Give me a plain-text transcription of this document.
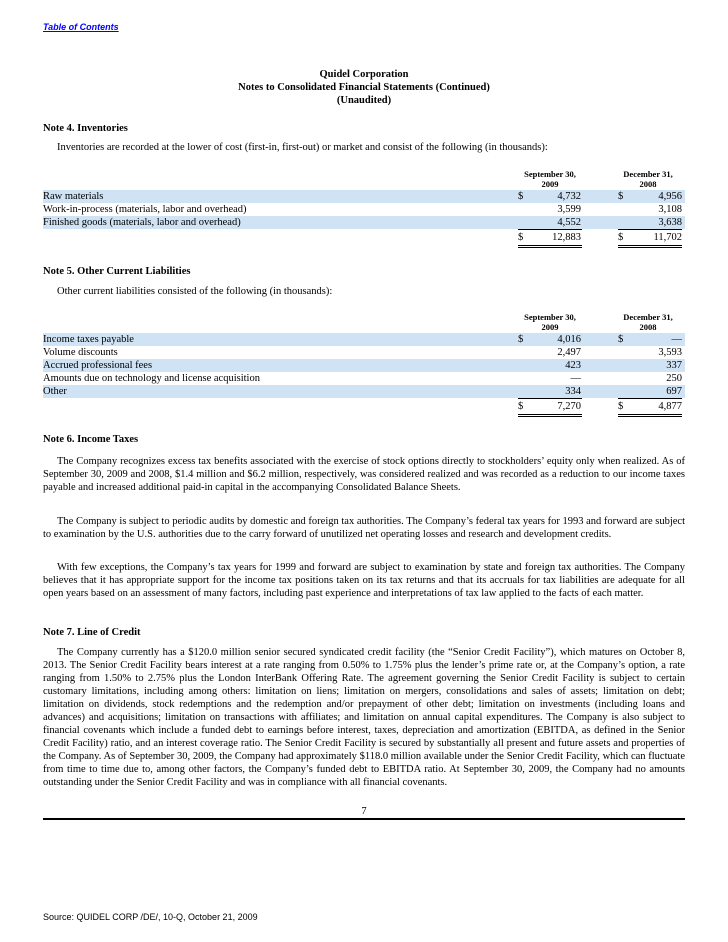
Table of Contents
Quidel Corporation
Notes to Consolidated Financial Statements (Continued)
(Unaudited)
Note 4. Inventories
Inventories are recorded at the lower of cost (first-in, first-out) or market and consist of the following (in thousands):
September 30,
2009
December 31,
2008
Raw materials	$	4,732	$	4,956
Work-in-process (materials, labor and overhead)	3,599	3,108
Finished goods (materials, labor and overhead)	4,552	3,638
$	12,883	$	11,702
Note 5. Other Current Liabilities
Other current liabilities consisted of the following (in thousands):
September 30,
2009
December 31,
2008
Income taxes payable	$	4,016	$	—
Volume discounts	2,497	3,593
Accrued professional fees	423	337
Amounts due on technology and license acquisition	—	250
Other	334	697
$	7,270	$	4,877
Note 6. Income Taxes

The Company recognizes excess tax benefits associated with the exercise of stock options directly to stockholders’ equity only when realized. As of September 30, 2009 and 2008, $1.4 million and $6.2 million, respectively, was considered realized and was recorded as a reduction to our income taxes payable and increased additional paid-in capital in the accompanying Consolidated Balance Sheets.

The Company is subject to periodic audits by domestic and foreign tax authorities. The Company’s federal tax years for 1993 and forward are subject to examination by the U.S. authorities due to the carry forward of unutilized net operating losses and research and development credits.

With few exceptions, the Company’s tax years for 1999 and forward are subject to examination by state and foreign tax authorities. The Company believes that it has appropriate support for the income tax positions taken on its tax returns and that its accruals for tax liabilities are adequate for all open years based on an assessment of many factors, including past experience and interpretations of tax law applied to the facts of each matter.

Note 7. Line of Credit

The Company currently has a $120.0 million senior secured syndicated credit facility (the “Senior Credit Facility”), which matures on October 8, 2013. The Senior Credit Facility bears interest at a rate ranging from 0.50% to 1.75% plus the lender’s prime rate or, at the Company’s option, a rate ranging from 1.50% to 2.75% plus the London InterBank Offering Rate. The agreement governing the Senior Credit Facility is subject to certain customary limitations, including among others: limitation on liens; limitation on mergers, consolidations and sales of assets; limitation on debt; limitation on dividends, stock redemptions and the redemption and/or prepayment of other debt; limitation on investments (including loans and advances) and acquisitions; limitation on transactions with affiliates; and limitation on annual capital expenditures. The Company is also subject to financial covenants which include a funded debt to earnings before interest, taxes, depreciation and amortization (EBITDA, as defined in the Senior Credit Facility) ratio, and an interest coverage ratio. The Senior Credit Facility is secured by substantially all present and future assets and properties of the Company. As of September 30, 2009, the Company had approximately $118.0 million available under the Senior Credit Facility, which can fluctuate from time to time due to, among other factors, the Company’s funded debt to EBITDA ratio. At September 30, 2009, the Company had no amounts outstanding under the Senior Credit Facility and was in compliance with all financial covenants.

7
Source: QUIDEL CORP /DE/, 10-Q, October 21, 2009
